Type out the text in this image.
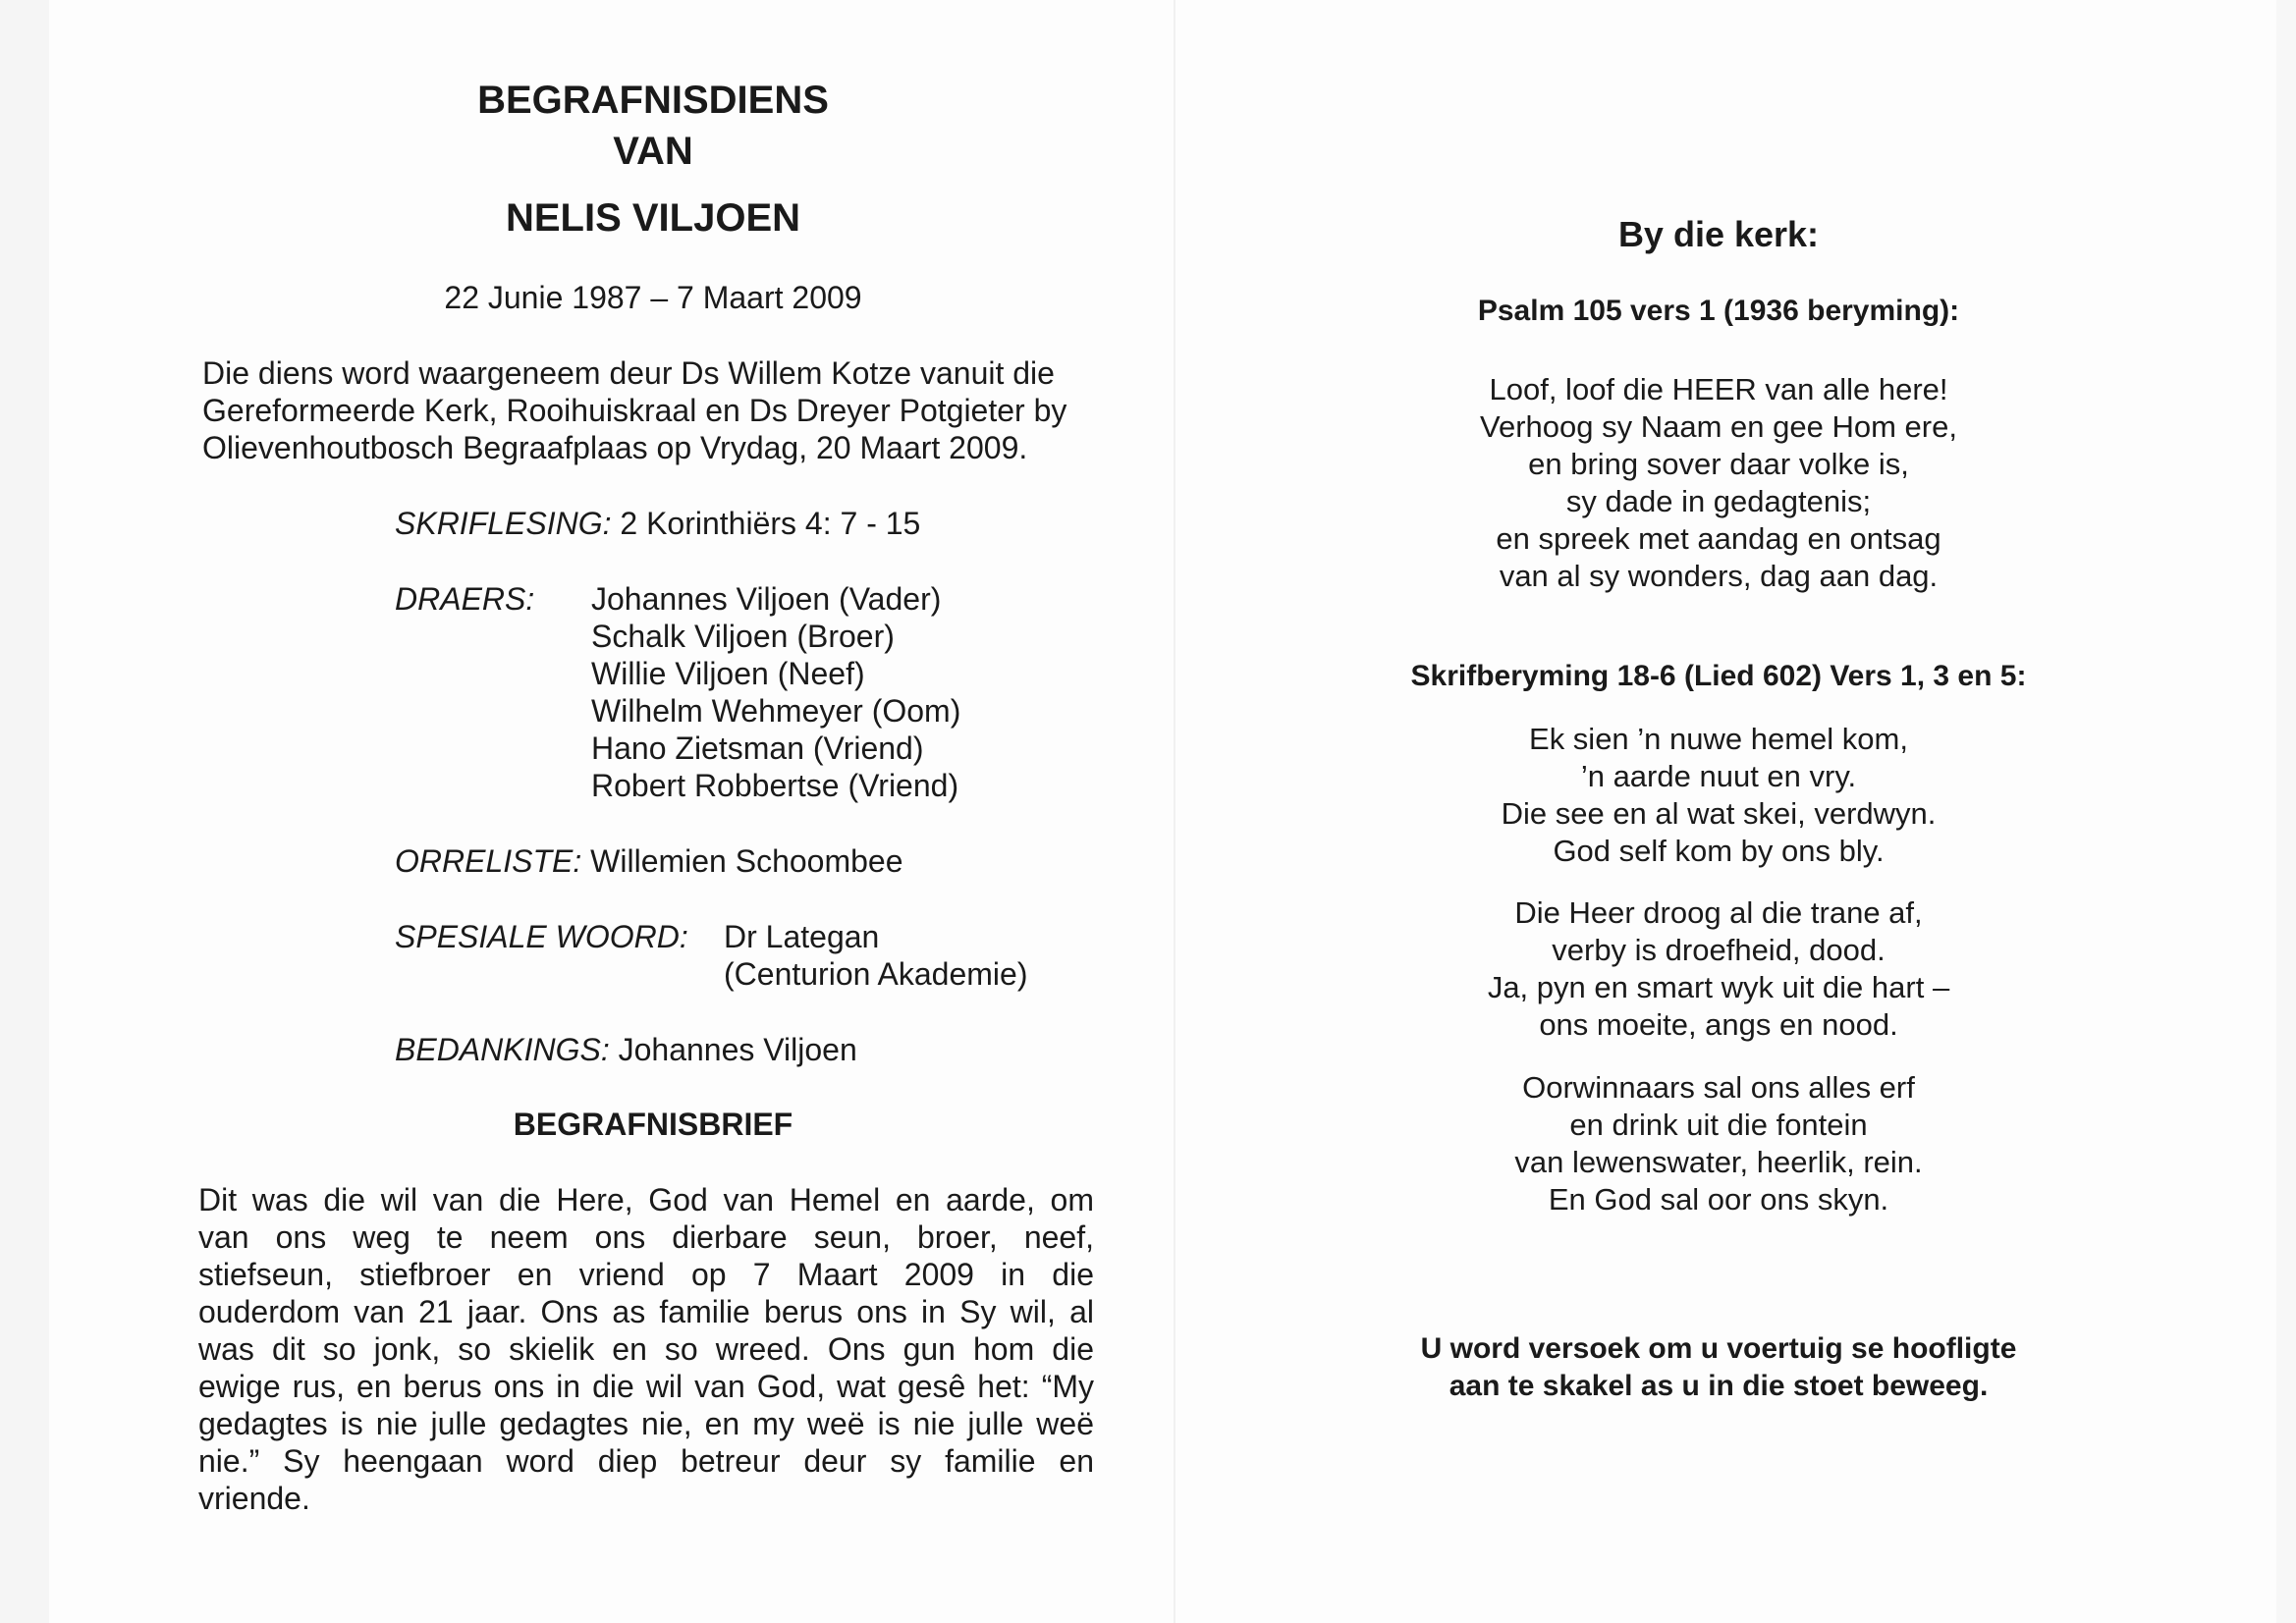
BEGRAFNISDIENS
VAN
NELIS VILJOEN
22 Junie 1987 – 7 Maart 2009
Die diens word waargeneem deur Ds Willem Kotze vanuit die
Gereformeerde Kerk, Rooihuiskraal en Ds Dreyer Potgieter by
Olievenhoutbosch Begraafplaas op Vrydag, 20 Maart 2009.
SKRIFLESING: 2 Korinthiërs 4: 7 - 15
DRAERS: Johannes Viljoen (Vader)
Schalk Viljoen (Broer)
Willie Viljoen (Neef)
Wilhelm Wehmeyer (Oom)
Hano Zietsman (Vriend)
Robert Robbertse (Vriend)
ORRELISTE: Willemien Schoombee
SPESIALE WOORD: Dr Lategan
(Centurion Akademie)
BEDANKINGS: Johannes Viljoen
BEGRAFNISBRIEF
Dit was die wil van die Here, God van Hemel en aarde, om
van ons weg te neem ons dierbare seun, broer, neef,
stiefseun, stiefbroer en vriend op 7 Maart 2009 in die
ouderdom van 21 jaar. Ons as familie berus ons in Sy wil, al
was dit so jonk, so skielik en so wreed. Ons gun hom die
ewige rus, en berus ons in die wil van God, wat gesê het: “My
gedagtes is nie julle gedagtes nie, en my weë is nie julle weë
nie.” Sy heengaan word diep betreur deur sy familie en
vriende.
By die kerk:
Psalm 105 vers 1 (1936 beryming):
Loof, loof die HEER van alle here!
Verhoog sy Naam en gee Hom ere,
en bring sover daar volke is,
sy dade in gedagtenis;
en spreek met aandag en ontsag
van al sy wonders, dag aan dag.
Skrifberyming 18-6 (Lied 602) Vers 1, 3 en 5:
Ek sien ’n nuwe hemel kom,
’n aarde nuut en vry.
Die see en al wat skei, verdwyn.
God self kom by ons bly.
Die Heer droog al die trane af,
verby is droefheid, dood.
Ja, pyn en smart wyk uit die hart –
ons moeite, angs en nood.
Oorwinnaars sal ons alles erf
en drink uit die fontein
van lewenswater, heerlik, rein.
En God sal oor ons skyn.
U word versoek om u voertuig se hoofligte
aan te skakel as u in die stoet beweeg.
